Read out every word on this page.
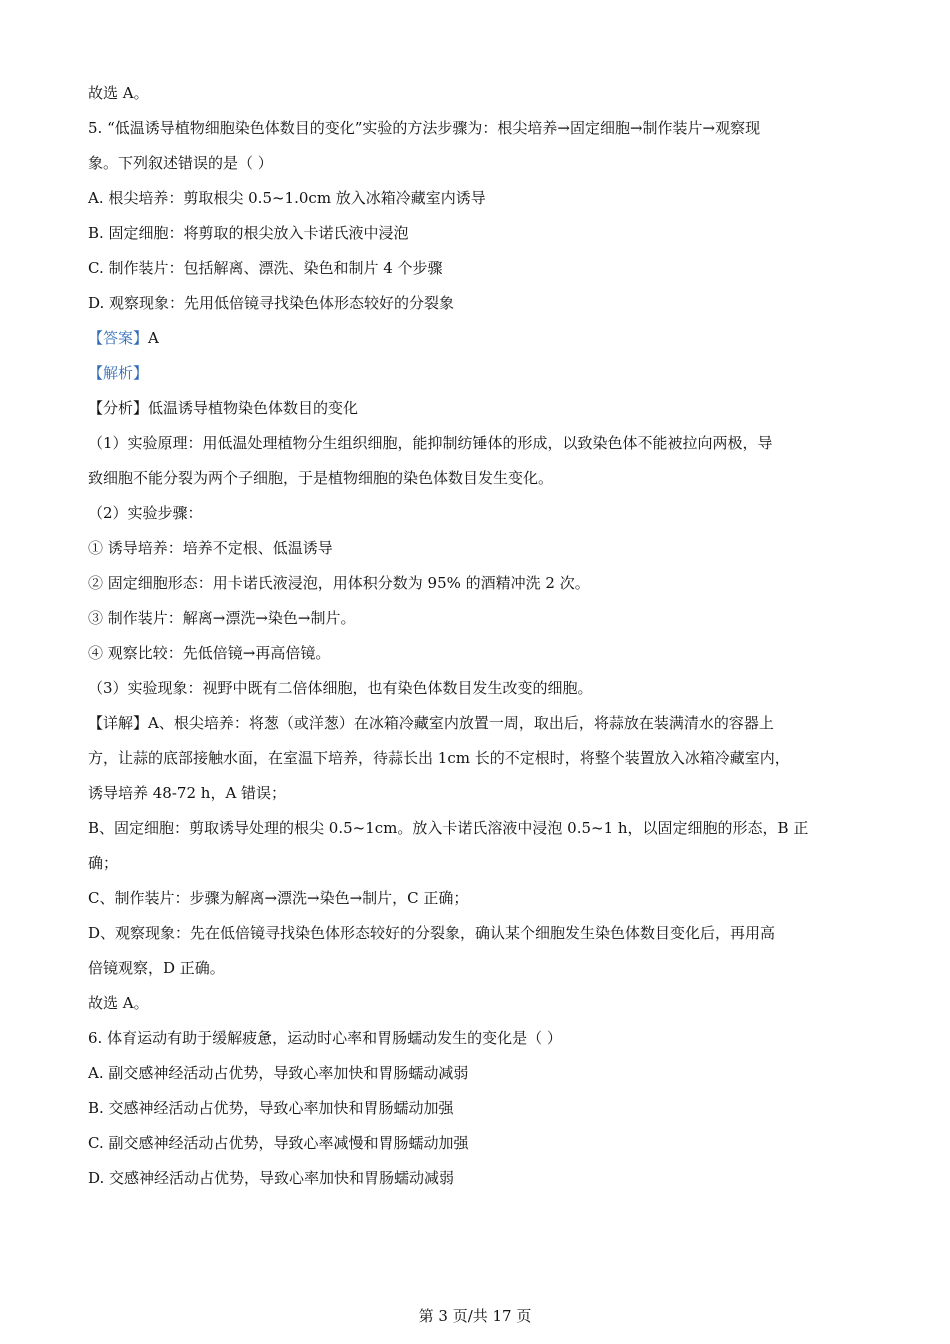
故选 A。
5. “低温诱导植物细胞染色体数目的变化”实验的方法步骤为：根尖培养→固定细胞→制作装片→观察现
象。下列叙述错误的是（ ）
A. 根尖培养：剪取根尖 0.5~1.0cm 放入冰箱冷藏室内诱导
B. 固定细胞：将剪取的根尖放入卡诺氏液中浸泡
C. 制作装片：包括解离、漂洗、染色和制片 4 个步骤
D. 观察现象：先用低倍镜寻找染色体形态较好的分裂象
【答案】A
【解析】
【分析】低温诱导植物染色体数目的变化
（1）实验原理：用低温处理植物分生组织细胞，能抑制纺锤体的形成，以致染色体不能被拉向两极，导
致细胞不能分裂为两个子细胞，于是植物细胞的染色体数目发生变化。
（2）实验步骤：
① 诱导培养：培养不定根、低温诱导
② 固定细胞形态：用卡诺氏液浸泡，用体积分数为 95% 的酒精冲洗 2 次。
③ 制作装片：解离→漂洗→染色→制片。
④ 观察比较：先低倍镜→再高倍镜。
（3）实验现象：视野中既有二倍体细胞，也有染色体数目发生改变的细胞。
【详解】A、根尖培养：将葱（或洋葱）在冰箱冷藏室内放置一周，取出后，将蒜放在装满清水的容器上
方，让蒜的底部接触水面，在室温下培养，待蒜长出 1cm 长的不定根时，将整个装置放入冰箱冷藏室内，
诱导培养 48-72 h，A 错误；
B、固定细胞：剪取诱导处理的根尖 0.5~1cm。放入卡诺氏溶液中浸泡 0.5~1 h，以固定细胞的形态，B 正
确；
C、制作装片：步骤为解离→漂洗→染色→制片，C 正确；
D、观察现象：先在低倍镜寻找染色体形态较好的分裂象，确认某个细胞发生染色体数目变化后，再用高
倍镜观察，D 正确。
故选 A。
6. 体育运动有助于缓解疲惫，运动时心率和胃肠蠕动发生的变化是（ ）
A. 副交感神经活动占优势，导致心率加快和胃肠蠕动减弱
B. 交感神经活动占优势，导致心率加快和胃肠蠕动加强
C. 副交感神经活动占优势，导致心率减慢和胃肠蠕动加强
D. 交感神经活动占优势，导致心率加快和胃肠蠕动减弱
第 3 页/共 17 页
